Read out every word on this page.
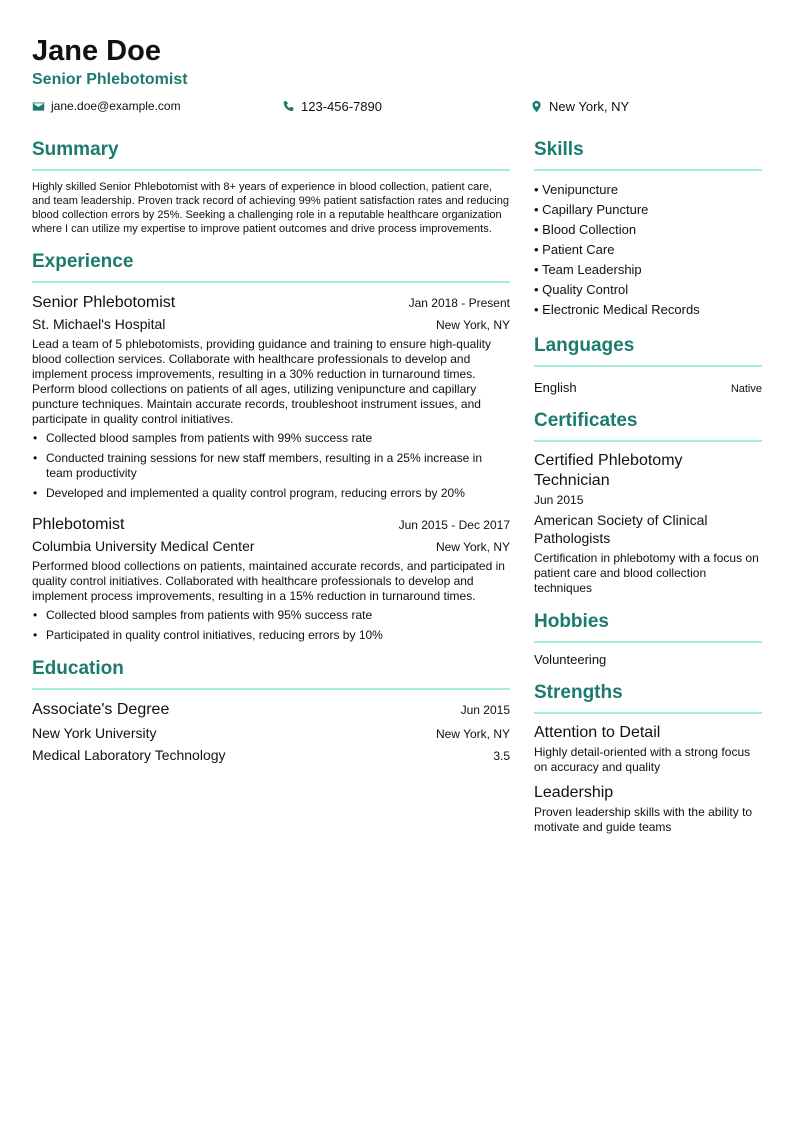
Jane Doe
Senior Phlebotomist
jane.doe@example.com	123-456-7890	New York, NY
Summary
Highly skilled Senior Phlebotomist with 8+ years of experience in blood collection, patient care, and team leadership. Proven track record of achieving 99% patient satisfaction rates and reducing blood collection errors by 25%. Seeking a challenging role in a reputable healthcare organization where I can utilize my expertise to improve patient outcomes and drive process improvements.
Experience
Senior Phlebotomist	Jan 2018 - Present
St. Michael's Hospital	New York, NY
Lead a team of 5 phlebotomists, providing guidance and training to ensure high-quality blood collection services. Collaborate with healthcare professionals to develop and implement process improvements, resulting in a 30% reduction in turnaround times. Perform blood collections on patients of all ages, utilizing venipuncture and capillary puncture techniques. Maintain accurate records, troubleshoot instrument issues, and participate in quality control initiatives.
• Collected blood samples from patients with 99% success rate
• Conducted training sessions for new staff members, resulting in a 25% increase in team productivity
• Developed and implemented a quality control program, reducing errors by 20%
Phlebotomist	Jun 2015 - Dec 2017
Columbia University Medical Center	New York, NY
Performed blood collections on patients, maintained accurate records, and participated in quality control initiatives. Collaborated with healthcare professionals to develop and implement process improvements, resulting in a 15% reduction in turnaround times.
• Collected blood samples from patients with 95% success rate
• Participated in quality control initiatives, reducing errors by 10%
Education
Associate's Degree	Jun 2015
New York University	New York, NY
Medical Laboratory Technology	3.5
Skills
• Venipuncture
• Capillary Puncture
• Blood Collection
• Patient Care
• Team Leadership
• Quality Control
• Electronic Medical Records
Languages
English	Native
Certificates
Certified Phlebotomy Technician
Jun 2015
American Society of Clinical Pathologists
Certification in phlebotomy with a focus on patient care and blood collection techniques
Hobbies
Volunteering
Strengths
Attention to Detail
Highly detail-oriented with a strong focus on accuracy and quality
Leadership
Proven leadership skills with the ability to motivate and guide teams
